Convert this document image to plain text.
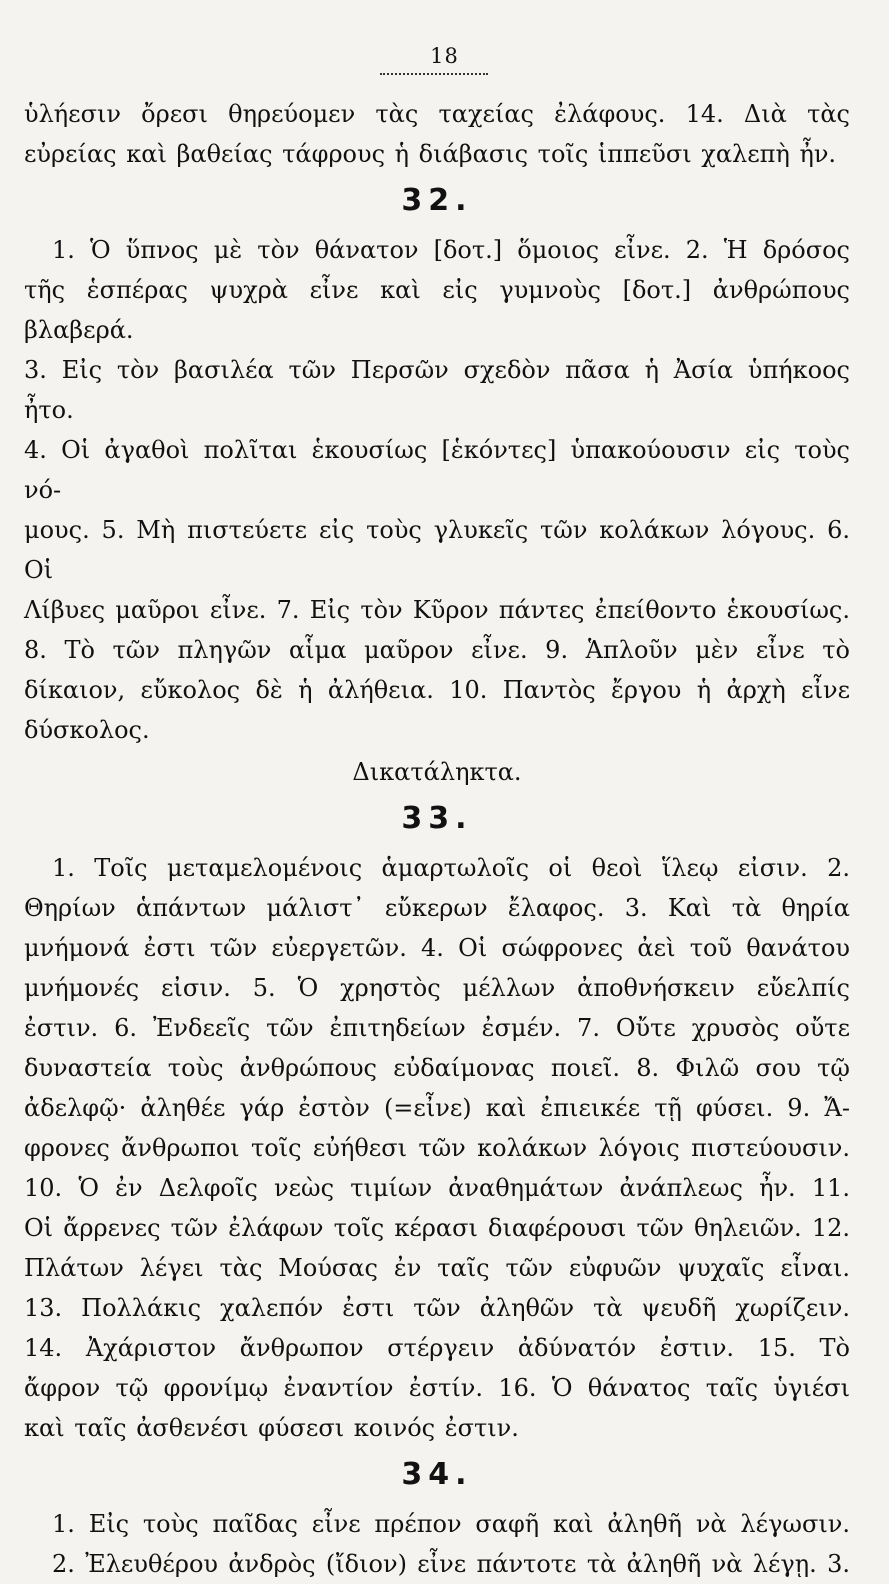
18

ὑλήεσιν ὄρεσι θηρεύομεν τὰς ταχείας ἐλάφους. 14. Διὰ τὰς
εὐρείας καὶ βαθείας τάφρους ἡ διάβασις τοῖς ἱππεῦσι χαλεπὴ ἦν.

32.

1. Ὁ ὕπνος μὲ τὸν θάνατον [δοτ.] ὅμοιος εἶνε. 2. Ἡ δρόσος
τῆς ἑσπέρας ψυχρὰ εἶνε καὶ εἰς γυμνοὺς [δοτ.] ἀνθρώπους βλαβερά.
3. Εἰς τὸν βασιλέα τῶν Περσῶν σχεδὸν πᾶσα ἡ Ἀσία ὑπήκοος ἦτο.
4. Οἱ ἀγαθοὶ πολῖται ἑκουσίως [ἑκόντες] ὑπακούουσιν εἰς τοὺς νό-
μους. 5. Μὴ πιστεύετε εἰς τοὺς γλυκεῖς τῶν κολάκων λόγους. 6. Οἱ
Λίβυες μαῦροι εἶνε. 7. Εἰς τὸν Κῦρον πάντες ἐπείθοντο ἑκουσίως.
8. Τὸ τῶν πληγῶν αἷμα μαῦρον εἶνε. 9. Ἁπλοῦν μὲν εἶνε τὸ
δίκαιον, εὔκολος δὲ ἡ ἀλήθεια. 10. Παντὸς ἔργου ἡ ἀρχὴ εἶνε
δύσκολος.

Δικατάληκτα.
33.

1. Τοῖς μεταμελομένοις ἁμαρτωλοῖς οἱ θεοὶ ἵλεῳ εἰσιν. 2.
Θηρίων ἁπάντων μάλιστ᾽ εὔκερων ἔλαφος. 3. Καὶ τὰ θηρία
μνήμονά ἐστι τῶν εὐεργετῶν. 4. Οἱ σώφρονες ἀεὶ τοῦ θανάτου
μνήμονές εἰσιν. 5. Ὁ χρηστὸς μέλλων ἀποθνήσκειν εὔελπίς
ἐστιν. 6. Ἐνδεεῖς τῶν ἐπιτηδείων ἐσμέν. 7. Οὔτε χρυσὸς οὔτε
δυναστεία τοὺς ἀνθρώπους εὐδαίμονας ποιεῖ. 8. Φιλῶ σου τῷ
ἀδελφῷ· ἀληθέε γάρ ἐστὸν (=εἶνε) καὶ ἐπιεικέε τῇ φύσει. 9. Ἄ-
φρονες ἄνθρωποι τοῖς εὐήθεσι τῶν κολάκων λόγοις πιστεύουσιν.
10. Ὁ ἐν Δελφοῖς νεὼς τιμίων ἀναθημάτων ἀνάπλεως ἦν. 11.
Οἱ ἄρρενες τῶν ἐλάφων τοῖς κέρασι διαφέρουσι τῶν θηλειῶν. 12.
Πλάτων λέγει τὰς Μούσας ἐν ταῖς τῶν εὐφυῶν ψυχαῖς εἶναι.
13. Πολλάκις χαλεπόν ἐστι τῶν ἀληθῶν τὰ ψευδῆ χωρίζειν.
14. Ἀχάριστον ἄνθρωπον στέργειν ἀδύνατόν ἐστιν. 15. Τὸ
ἄφρον τῷ φρονίμῳ ἐναντίον ἐστίν. 16. Ὁ θάνατος ταῖς ὑγιέσι
καὶ ταῖς ἀσθενέσι φύσεσι κοινός ἐστιν.

34.

1. Εἰς τοὺς παῖδας εἶνε πρέπον σαφῆ καὶ ἀληθῆ νὰ λέγωσιν.
2. Ἐλευθέρου ἀνδρὸς (ἴδιον) εἶνε πάντοτε τὰ ἀληθῆ νὰ λέγῃ. 3.
